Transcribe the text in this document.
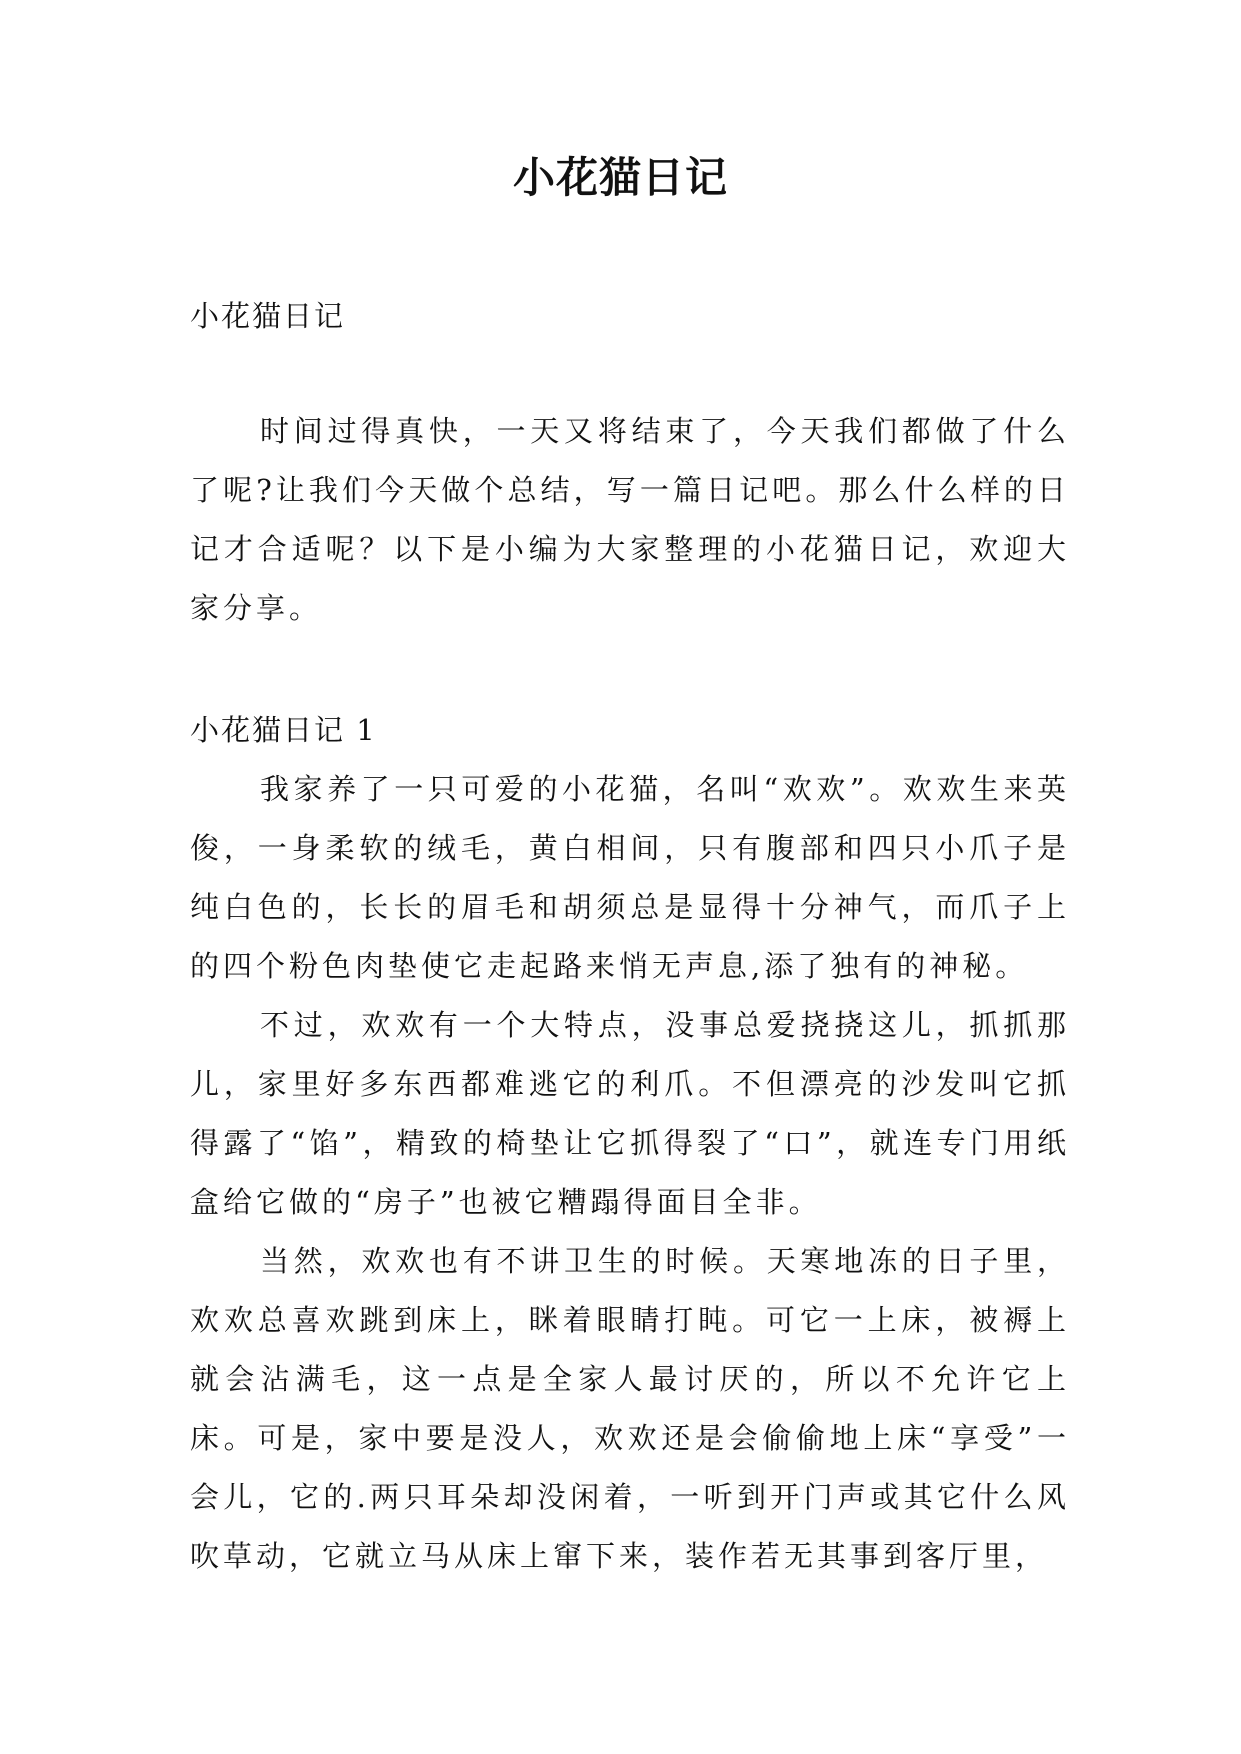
小花猫日记

小花猫日记

时间过得真快，一天又将结束了，今天我们都做了什么了呢?让我们今天做个总结，写一篇日记吧。那么什么样的日记才合适呢？以下是小编为大家整理的小花猫日记，欢迎大家分享。

小花猫日记 1

我家养了一只可爱的小花猫，名叫“欢欢”。欢欢生来英俊，一身柔软的绒毛，黄白相间，只有腹部和四只小爪子是纯白色的，长长的眉毛和胡须总是显得十分神气，而爪子上的四个粉色肉垫使它走起路来悄无声息,添了独有的神秘。

不过，欢欢有一个大特点，没事总爱挠挠这儿，抓抓那儿，家里好多东西都难逃它的利爪。不但漂亮的沙发叫它抓得露了“馅”，精致的椅垫让它抓得裂了“口”，就连专门用纸盒给它做的“房子”也被它糟蹋得面目全非。

当然，欢欢也有不讲卫生的时候。天寒地冻的日子里，欢欢总喜欢跳到床上，眯着眼睛打盹。可它一上床，被褥上就会沾满毛，这一点是全家人最讨厌的，所以不允许它上床。可是，家中要是没人，欢欢还是会偷偷地上床“享受”一会儿，它的.两只耳朵却没闲着，一听到开门声或其它什么风吹草动，它就立马从床上窜下来，装作若无其事到客厅里，
